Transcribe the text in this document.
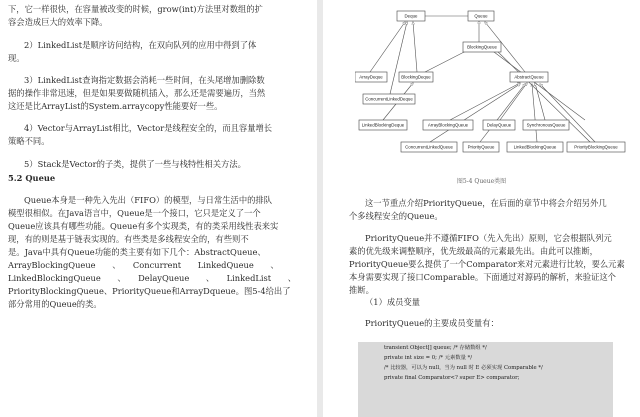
下，它一样很快，在容量被改变的时候，grow(int)方法里对数组的扩
容会造成巨大的效率下降。
2）LinkedList是顺序访问结构，在双向队列的应用中得到了体
现。
3）LinkedList查询指定数据会消耗一些时间，在头尾增加删除数
据的操作非常迅速，但是如果要做随机插入，那么还是需要遍历，当然
这还是比ArrayList的System.arraycopy性能要好一些。
4）Vector与ArrayList相比，Vector是线程安全的，而且容量增长
策略不同。
5）Stack是Vector的子类，提供了一些与栈特性相关方法。
5.2 Queue
Queue本身是一种先入先出（FIFO）的模型，与日常生活中的排队
模型很相似。在Java语言中，Queue是一个接口，它只是定义了一个
Queue应该具有哪些功能。Queue有多个实现类，有的类采用线性表来实
现，有的则是基于链表实现的。有些类是多线程安全的，有些则不
是。Java中具有Queue功能的类主要有如下几个：AbstractQueue、
ArrayBlockingQueue　　、　　Concurrent　　LinkedQueue　　、
LinkedBlockingQueue　　、　　DelayQueue　　、　　LinkedList　　、
PriorityBlockingQueue、PriorityQueue和ArrayDqueue。图5-4给出了
部分常用的Queue的类。
Deque	Queue
BlockingQueue
ArrayDeque	BlockingDeque	AbstractQueue
ConcurrentLinkedDeque
LinkedBlockingDeque	ArrayBlockingQueue	DelayQueue	SynchronousQueue
ConcurrentLinkedQueue	PriorityQueue	LinkedBlockingQueue	PriorityBlockingQueue
图5-4 Queue类图
这一节重点介绍PriorityQueue，在后面的章节中将会介绍另外几
个多线程安全的Queue。
PriorityQueue并不遵循FIFO（先入先出）原则，它会根据队列元
素的优先级来调整顺序，优先级最高的元素最先出。由此可以推断，
PriorityQueue要么提供了一个Comparator来对元素进行比较，要么元素
本身需要实现了接口Comparable。下面通过对源码的解析，来验证这个
推断。
（1）成员变量
PriorityQueue的主要成员变量有：
transient Object[] queue; /* 存储数组 */
private int size = 0; /* 元素数量 */
/* 比较器，可以为 null，当为 null 时 E 必须实现 Comparable */
private final Comparator<? super E> comparator;
